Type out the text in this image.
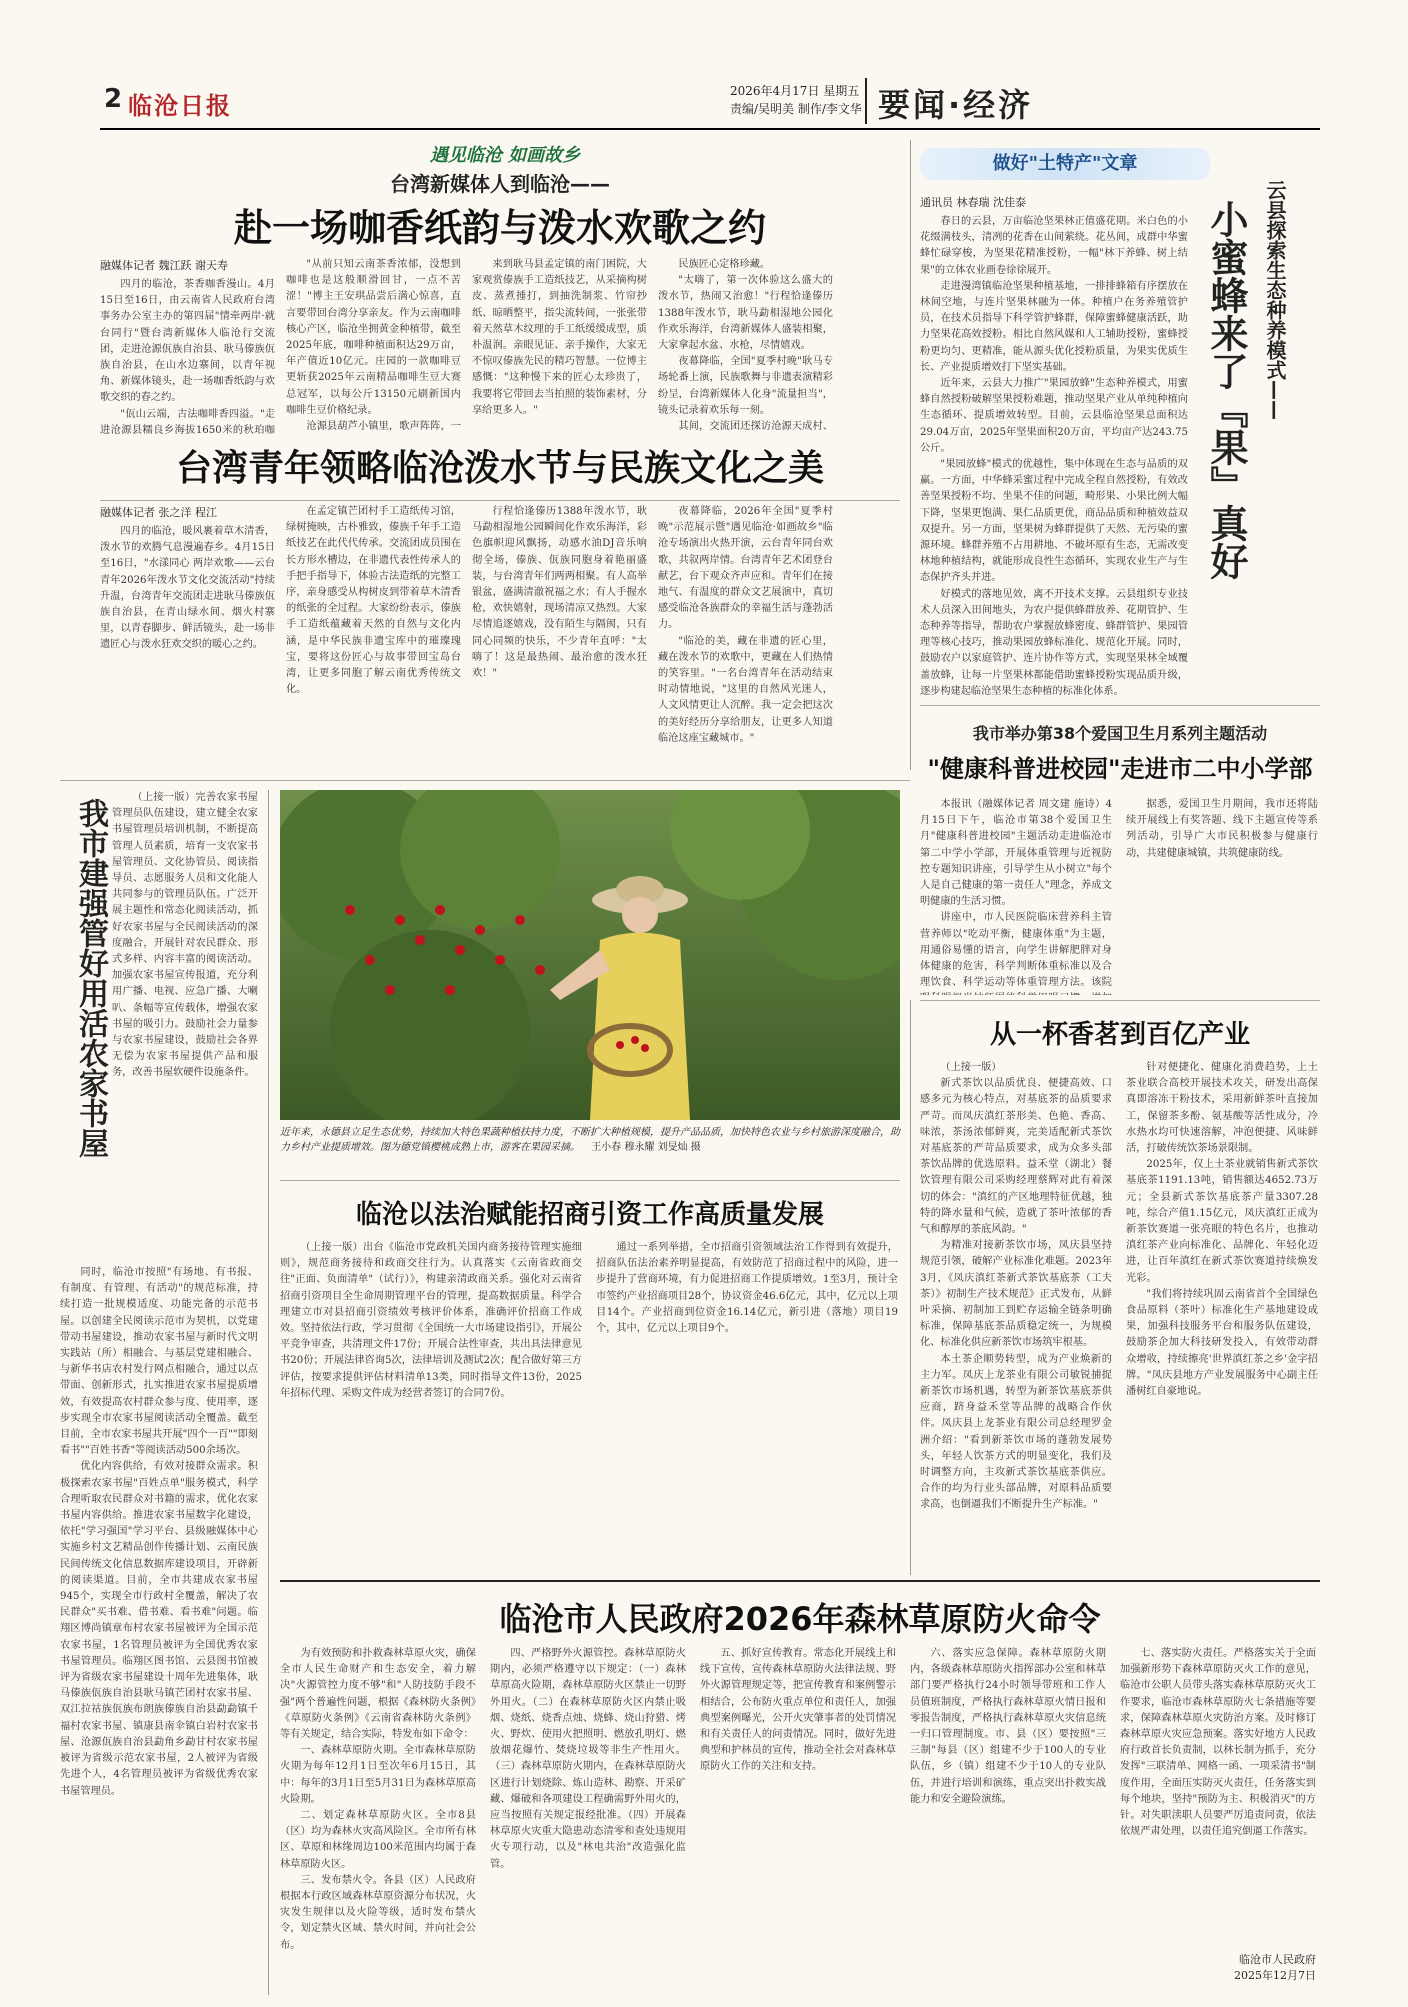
2 临沧日报
2026年4月17日 星期五
责编/吴明美 制作/李文华 要闻·经济
遇见临沧 如画故乡
台湾新媒体人到临沧——
赴一场咖香纸韵与泼水欢歌之约
融媒体记者 魏江跃 谢天寿

四月的临沧，茶香咖香漫山。4月15日至16日，由云南省人民政府台湾事务办公室主办的第四届"情牵两岸·就台同行"暨台湾新媒体人临沧行交流团，走进沧源佤族自治县、耿马傣族佤族自治县，在山水边寨间，以青年视角、新媒体镜头，赴一场咖香纸韵与欢歌交织的春之约。

"佤山云端，古法咖啡香四溢。"走进沧源县糯良乡海拔1650米的秋珀咖

"从前只知云南茶香浓郁，没想到咖啡也是这般顺滑回甘，一点不苦涩！"博主王安琪品尝后满心惊喜，直言要带回台湾分享亲友。作为云南咖啡核心产区，临沧坐拥黄金种植带，截至2025年底，咖啡种植面积达29万亩，年产值近10亿元。庄园的一款咖啡豆更斩获2025年云南精品咖啡生豆大赛总冠军，以每公斤13150元刷新国内咖啡生豆价格纪录。

沧源县葫芦小镇里，歌声阵阵，一

来到耿马县孟定镇的南门困院，大家观赏傣族手工造纸技艺，从采摘构树皮、蒸煮捶打，到抽洗制浆、竹帘抄纸、晾晒整平，指尖流转间，一张张带着天然草木纹理的手工纸缓缓成型，质朴温润。亲眼见证、亲手操作，大家无不惊叹傣族先民的精巧智慧。一位博主感慨："这种慢下来的匠心太珍贵了，我要将它带回去当拍照的装饰素材，分享给更多人。"

民族匠心定格珍藏。

"太嗨了，第一次体验这么盛大的泼水节，热闹又治愈！"行程恰逢傣历1388年泼水节，耿马勐相湿地公园化作欢乐海洋，台湾新媒体人盛装相聚，大家拿起水盆、水枪，尽情嬉戏。

夜幕降临，全国"夏季村晚"耿马专场轮番上演，民族歌舞与非遗表演精彩纷呈，台湾新媒体人化身"流量担当"，镜头记录着欢乐每一刻。

其间，交流团还探访沧源天成村、

台湾青年领略临沧泼水节与民族文化之美
融媒体记者 张之洋 程江

四月的临沧，暖风裹着草木清香，泼水节的欢腾气息漫遍春乡。4月15日至16日，"水漾同心 两岸欢歌——云台青年2026年泼水节文化交流活动"持续升温，台湾青年交流团走进耿马傣族佤族自治县，在青山绿水间、烟火村寨里，以青春脚步、鲜活镜头，赴一场非遗匠心与泼水狂欢交织的暖心之约。

在孟定镇芒团村手工造纸传习馆，绿树掩映，古朴雅致，傣族千年手工造纸技艺在此代代传承。交流团成员围在长方形水槽边，在非遗代表性传承人的手把手指导下，体验古法造纸的完整工序，亲身感受从构树皮到带着草木清香的纸张的全过程。大家纷纷表示，傣族手工造纸蕴藏着天然的自然与文化内涵，是中华民族非遗宝库中的璀璨瑰宝，要将这份匠心与故事带回宝岛台湾，让更多同胞了解云南优秀传统文化。

行程恰逢傣历1388年泼水节，耿马勐相湿地公园瞬间化作欢乐海洋，彩色旗帜迎风飘扬，动感水油DJ音乐响彻全场，傣族、佤族同胞身着艳丽盛装，与台湾青年们两两相聚。有人高举银盆，盛满清澈祝福之水；有人手握水枪，欢快嬉射，现场清凉又热烈。大家尽情追逐嬉戏，没有陌生与隔阂，只有同心同频的快乐，不少青年直呼："太嗨了！这是最热闹、最治愈的泼水狂欢！"

夜幕降临，2026年全国"夏季村晚"示范展示暨"遇见临沧·如画故乡"临沧专场演出火热开演，云台青年同台欢歌，共叙两岸情。台湾青年艺术团登台献艺，台下观众齐声应和。青年们在接地气、有温度的群众文艺展演中，真切感受临沧各族群众的幸福生活与蓬勃活力。

"临沧的美，藏在非遗的匠心里，藏在泼水节的欢歌中，更藏在人们热情的笑容里。"一名台湾青年在活动结束时动情地说，"这里的自然风光迷人，人文风情更让人沉醉。我一定会把这次的美好经历分享给朋友，让更多人知道临沧这座宝藏城市。"

做好"土特产"文章
通讯员 林春瑞 沈佳泰

春日的云县，万亩临沧坚果林正值盛花期。米白色的小花缀满枝头，清冽的花香在山间萦绕。花丛间，成群中华蜜蜂忙碌穿梭，为坚果花精准授粉，一幅"林下养蜂、树上结果"的立体农业画卷徐徐展开。

走进漫湾镇临沧坚果种植基地，一排排蜂箱有序摆放在林间空地，与连片坚果林融为一体。种植户在务养殖管护员，在技术员指导下科学管护蜂群，保障蜜蜂健康活跃，助力坚果花高效授粉。相比自然风媒和人工辅助授粉，蜜蜂授粉更均匀、更精准，能从源头优化授粉质量，为果实优质生长、产业提质增效打下坚实基础。

近年来，云县大力推广"果园放蜂"生态种养模式，用蜜蜂自然授粉破解坚果授粉难题，推动坚果产业从单纯种植向生态循环、提质增效转型。目前，云县临沧坚果总面积达29.04万亩，2025年坚果面积20万亩，平均亩产达243.75公斤。

"果园放蜂"模式的优越性，集中体现在生态与品质的双赢。一方面，中华蜂采蜜过程中完成全程自然授粉，有效改善坚果授粉不均、坐果不佳的问题，畸形果、小果比例大幅下降，坚果更饱满、果仁品质更优，商品品质和种植效益双双提升。另一方面，坚果树为蜂群提供了天然、无污染的蜜源环境。蜂群养殖不占用耕地、不破坏原有生态，无需改变林地种植结构，就能形成良性生态循环，实现农业生产与生态保护齐头并进。

好模式的落地见效，离不开技术支撑。云县组织专业技术人员深入田间地头，为农户提供蜂群放养、花期管护、生态种养等指导，帮助农户掌握放蜂密度、蜂群管护、果园管理等核心技巧，推动果园放蜂标准化、规范化开展。同时，鼓励农户以家庭管护、连片协作等方式，实现坚果林全域覆盖放蜂，让每一片坚果林都能借助蜜蜂授粉实现品质升级，逐步构建起临沧坚果生态种植的标准化体系。

小蜜蜂来了『果』真好 云县探索生态种养模式——
我市举办第38个爱国卫生月系列主题活动
"健康科普进校园"走进市二中小学部

本报讯（融媒体记者 周文建 施诗）4月15日下午，临沧市第38个爱国卫生月"健康科普进校园"主题活动走进临沧市第二中学小学部，开展体重管理与近视防控专题知识讲座，引导学生从小树立"每个人是自己健康的第一责任人"理念，养成文明健康的生活习惯。

讲座中，市人民医院临床营养科主管营养师以"吃动平衡，健康体重"为主题，用通俗易懂的语言，向学生讲解肥胖对身体健康的危害，科学判断体重标准以及合理饮食、科学运动等体重管理方法。该院

据悉，爱国卫生月期间，我市还将陆续开展线上有奖答题、线下主题宣传等系列活动，引导广大市民积极参与健康行动，共建健康城镇，共筑健康防线。

我市建强管好用活农家书屋

（上接一版）完善农家书屋管理员队伍建设，建立健全农家书屋管理员培训机制，不断提高管理人员素质，培育一支农家书屋管理员、文化协管员、阅读指导员、志愿服务人员和文化能人共同参与的管理员队伍。广泛开展主题性和常态化阅读活动，抓好农家书屋与全民阅读活动的深度融合，开展针对农民群众、形式多样、内容丰富的阅读活动。加强农家书屋宣传报道，充分利用广播、电视、应急广播、大喇叭、条幅等宣传载体，增强农家书屋的吸引力。鼓励社会力量参与农家书屋建设，鼓励社会各界无偿为农家书屋提供产品和服务，改善书屋软硬件设施条件。

同时，临沧市按照"有场地、有书报、有制度、有管理、有活动"的规范标准，持续打造一批规模适度、功能完备的示范书屋。以创建全民阅读示范市为契机，以党建带动书屋建设，推动农家书屋与新时代文明实践站（所）相融合、与基层党建相融合、与新华书店农村发行网点相融合，通过以点带面、创新形式，扎实推进农家书屋提质增效，有效提高农村群众参与度、使用率，逐步实现全市农家书屋阅读活动全覆盖。截至目前，全市农家书屋共开展"四个一百""即刻看书""百姓书香"等阅读活动500余场次。

优化内容供给，有效对接群众需求。积极探索农家书屋"百姓点单"服务模式，科学合理听取农民群众对书籍的需求，优化农家书屋内容供给。推进农家书屋数字化建设，依托"学习强国"学习平台、县级融媒体中心实施乡村文艺精品创作传播计划、云南民族民间传统文化信息数据库建设项目，开辟新的阅读渠道。目前，全市共建成农家书屋945个，实现全市行政村全覆盖，解决了农民群众"买书难、借书难、看书难"问题。临翔区博尚镇章布村农家书屋被评为全国示范农家书屋，1名管理员被评为全国优秀农家书屋管理员。临翔区图书馆、云县图书馆被评为省级农家书屋建设十周年先进集体，耿马傣族佤族自治县耿马镇芒团村农家书屋、双江拉祜族佤族布朗族傣族自治县勐勐镇千福村农家书屋、镇康县南伞镇白岩村农家书屋、沧源佤族自治县勐角乡勐甘村农家书屋被评为省级示范农家书屋，2人被评为省级先进个人，4名管理员被评为省级优秀农家书屋管理员。

近年来，永德县立足生态优势，持续加大特色果蔬种植扶持力度，不断扩大种植规模，提升产品品质，加快特色农业与乡村旅游深度融合，助力乡村产业提质增效。图为德党镇樱桃成熟上市，游客在果园采摘。 王小春 穆永耀 刘旻灿 摄
从一杯香茗到百亿产业

（上接一版）

新式茶饮以品质优良、便捷高效、口感多元为核心特点，对基底茶的品质要求严苛。而凤庆滇红茶形美、色艳、香高、味浓，茶汤浓郁鲜爽，完美适配新式茶饮对基底茶的严苛品质要求，成为众多头部茶饮品牌的优选原料。益禾堂（湖北）餐饮管理有限公司采购经理蔡辉对此有着深切的体会："滇红的产区地理特征优越，独特的降水量和气候，造就了茶叶浓郁的香气和醇厚的茶底风韵。"

为精准对接新茶饮市场，凤庆县坚持规范引领，破解产业标准化难题。2023年3月，《凤庆滇红茶新式茶饮基底茶（工夫茶）》初制生产技术规范》正式发布，从鲜叶采摘、初制加工到贮存运输全链条明确标准，保障基底茶品质稳定统一，为规模化、标准化供应新茶饮市场筑牢根基。

本土茶企顺势转型，成为产业焕新的主力军。凤庆上龙茶业有限公司敏锐捕捉新茶饮市场机遇，转型为新茶饮基底茶供应商，跻身益禾堂等品牌的战略合作伙伴。凤庆县上龙茶业有限公司总经理罗金洲介绍："看到新茶饮市场的蓬勃发展势头，年轻人饮茶方式的明显变化，我们及时调整方向，主攻新式茶饮基底茶供应。合作的均为行业头部品牌，对原料品质要求高，也倒逼我们不断提升生产标准。"

针对便捷化、健康化消费趋势，上土茶业联合高校开展技术攻关，研发出高保真即溶冻干粉技术，采用新鲜茶叶直接加工，保留茶多酚、氨基酸等活性成分，冷水热水均可快速溶解，冲泡便捷、风味鲜活，打破传统饮茶场景限制。

2025年，仅上土茶业就销售新式茶饮基底茶1191.13吨，销售额达4652.73万元；全县新式茶饮基底茶产量3307.28吨，综合产值1.15亿元，凤庆滇红正成为新茶饮赛道一张亮眼的特色名片，也推动滇红茶产业向标准化、品牌化、年轻化迈进，让百年滇红在新式茶饮赛道持续焕发光彩。

"我们将持续巩固云南省首个全国绿色食品原料（茶叶）标准化生产基地建设成果，加强科技服务平台和服务队伍建设，鼓励茶企加大科技研发投入，有效带动群众增收，持续擦亮'世界滇红茶之乡'金字招牌。"凤庆县地方产业发展服务中心副主任潘树红自豪地说。

临沧以法治赋能招商引资工作高质量发展

（上接一版）出台《临沧市党政机关国内商务接待管理实施细则》，规范商务接待和政商交往行为。认真落实《云南省政商交往"正面、负面清单"（试行）》，构建亲清政商关系。强化对云南省招商引资项目全生命周期管理平台的管理，提高数据质量。科学合理建立市对县招商引资绩效考核评价体系，准确评价招商工作成效。坚持依法行政，学习贯彻《全国统一大市场建设指引》，开展公平竞争审查，共清理文件17份；开展合法性审查，共出具法律意见书20份；开展法律咨询5次，法律培训及测试2次；配合做好第三方评估，按要求提供评估材料清单13类，同时指导文件13份，2025年招标代理、采购文件成为经营者签订的合同7份。

通过一系列举措，全市招商引资领域法治工作得到有效提升，招商队伍法治素养明显提高，有效防范了招商过程中的风险，进一步提升了营商环境，有力促进招商工作提质增效。1至3月，预计全市签约产业招商项目28个，协议资金46.6亿元，其中，亿元以上项目14个。产业招商到位资金16.14亿元，新引进（落地）项目19个，其中，亿元以上项目9个。

临沧市人民政府2026年森林草原防火命令

为有效预防和扑救森林草原火灾，确保全市人民生命财产和生态安全，着力解决"火源管控力度不够"和"人防技防手段不强"两个普遍性问题，根据《森林防火条例》《草原防火条例》《云南省森林防火条例》等有关规定，结合实际，特发布如下命令：

一、森林草原防火期。全市森林草原防火期为每年12月1日至次年6月15日，其中：每年的3月1日至5月31日为森林草原高火险期。

二、划定森林草原防火区。全市8县（区）均为森林火灾高风险区。全市所有林区、草原和林缘周边100米范围内均属于森林草原防火区。

三、发布禁火令。各县（区）人民政府根据本行政区域森林草原资源分布状况，火灾发生规律以及火险等级，适时发布禁火令，划定禁火区域、禁火时间，并向社会公布。

四、严格野外火源管控。森林草原防火期内，必须严格遵守以下规定：（一）森林草原高火险期，森林草原防火区禁止一切野外用火。（二）在森林草原防火区内禁止吸烟、烧纸、烧香点烛、烧蜂、烧山狩猎、烤火、野炊、使用火把照明、燃放孔明灯、燃放烟花爆竹、焚烧垃圾等非生产性用火。（三）森林草原防火期内，在森林草原防火区进行计划烧除、炼山造林、勘察、开采矿藏、爆破和各项建设工程确需野外用火的，应当按照有关规定报经批准。（四）开展森林草原火灾重大隐患动态清零和查处违规用火专项行动，以及"林电共治"改造强化监管。

五、抓好宣传教育。常态化开展线上和线下宣传，宣传森林草原防火法律法规、野外火源管理规定等，把宣传教育和案例警示相结合，公布防火重点单位和责任人，加强典型案例曝光，公开火灾肇事者的处罚情况和有关责任人的问责情况。同时，做好先进典型和护林员的宣传，推动全社会对森林草原防火工作的关注和支持。

六、落实应急保障。森林草原防火期内，各级森林草原防火指挥部办公室和林草部门要严格执行24小时领导带班和工作人员值班制度，严格执行森林草原火情日报和零报告制度，严格执行森林草原火灾信息统一归口管理制度。市、县（区）要按照"三三制"每县（区）组建不少于100人的专业队伍，乡（镇）组建不少于10人的专业队伍，并进行培训和演练，重点突出扑救实战能力和安全避险演练。

七、落实防火责任。严格落实关于全面加强新形势下森林草原防灭火工作的意见，临沧市公职人员带头落实森林草原防灭火工作要求，临沧市森林草原防火七条措施等要求，保障森林草原火灾防治方案。及时修订森林草原火灾应急预案。落实好地方人民政府行政首长负责制，以林长制为抓手，充分发挥"三联清单、网格一函、一项采清书"制度作用，全面压实防灭火责任，任务落实到每个地块，坚持"预防为主、积极消灭"的方针。对失职渎职人员要严厉追责问责，依法依规严肃处理，以责任追究倒逼工作落实。

临沧市人民政府
2025年12月7日
